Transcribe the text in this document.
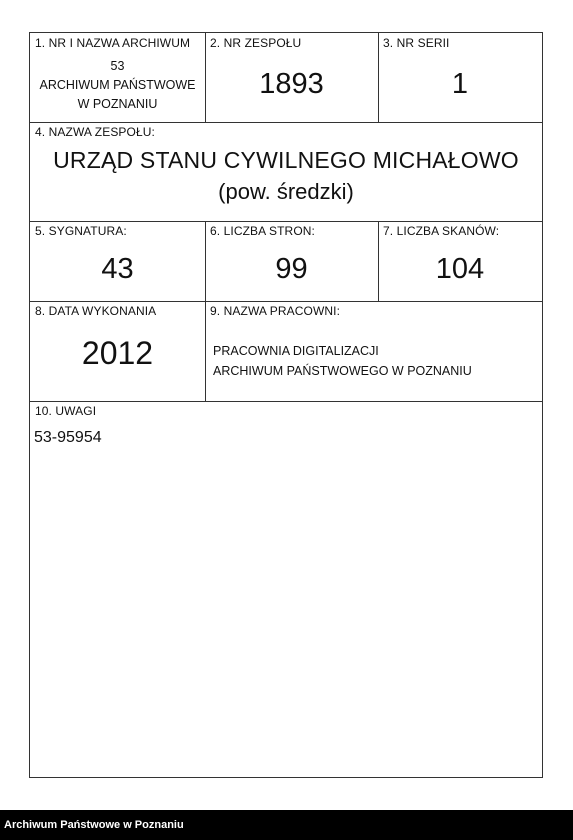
1. NR I NAZWA ARCHIWUM
53
ARCHIWUM PAŃSTWOWE
W POZNANIU
2. NR ZESPOŁU
1893
3. NR SERII
1
4. NAZWA ZESPOŁU:
URZĄD STANU CYWILNEGO MICHAŁOWO
(pow. średzki)
5. SYGNATURA:
43
6. LICZBA STRON:
99
7. LICZBA SKANÓW:
104
8. DATA WYKONANIA
2012
9. NAZWA PRACOWNI:
PRACOWNIA DIGITALIZACJI
ARCHIWUM PAŃSTWOWEGO W POZNANIU
10. UWAGI
53-95954
Archiwum Państwowe w Poznaniu
